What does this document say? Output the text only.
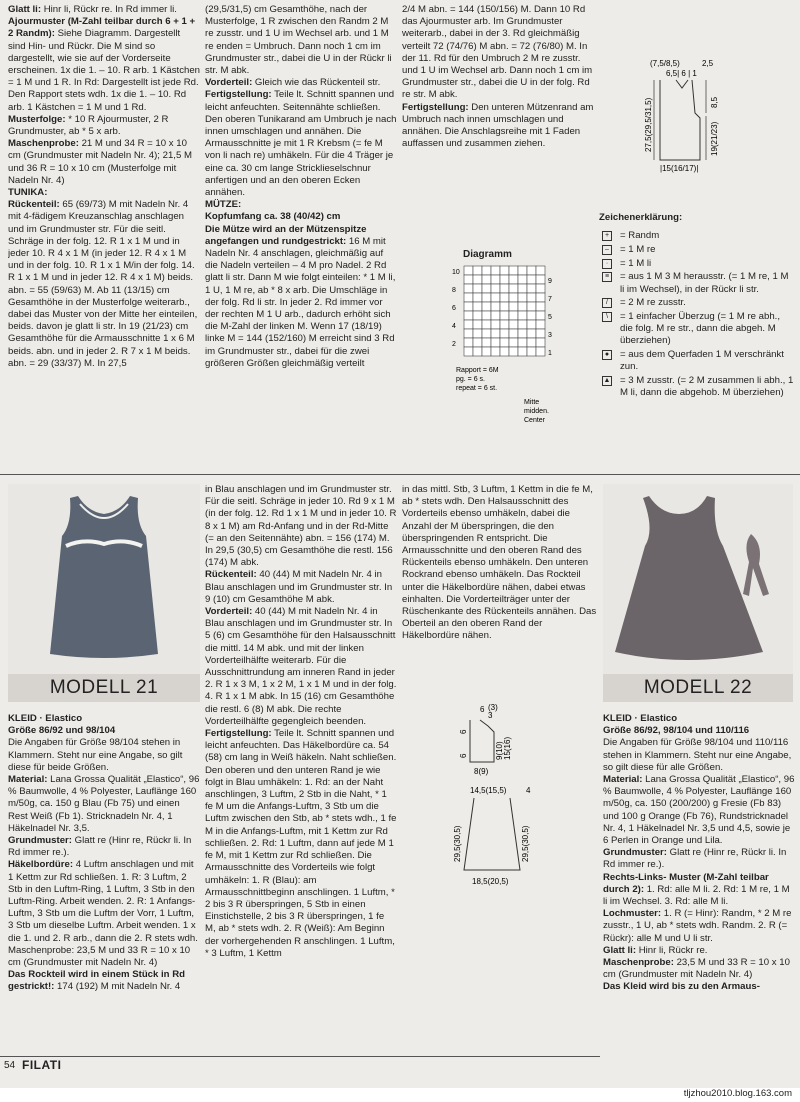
Glatt li: Hinr li, Rückr re. In Rd immer li.

Ajourmuster (M-Zahl teilbar durch 6 + 1 + 2 Randm): Siehe Diagramm. Dargestellt sind Hin- und Rückr. Die M sind so dargestellt, wie sie auf der Vorderseite erscheinen. 1x die 1. – 10. R arb. 1 Kästchen = 1 M und 1 R. In Rd: Dargestellt ist jede Rd. Den Rapport stets wdh. 1x die 1. – 10. Rd arb. 1 Kästchen = 1 M und 1 Rd.

Musterfolge: * 10 R Ajourmuster, 2 R Grundmuster, ab * 5 x arb.

Maschenprobe: 21 M und 34 R = 10 x 10 cm (Grundmuster mit Nadeln Nr. 4); 21,5 M und 36 R = 10 x 10 cm (Musterfolge mit Nadeln Nr. 4)

TUNIKA:

Rückenteil: 65 (69/73) M mit Nadeln Nr. 4 mit 4-fädigem Kreuzanschlag anschlagen und im Grundmuster str. Für die seitl. Schräge in der folg. 12. R 1 x 1 M und in jeder 10. R 4 x 1 M (in jeder 12. R 4 x 1 M und in der folg. 10. R 1 x 1 M/in der folg. 14. R 1 x 1 M und in jeder 12. R 4 x 1 M) beids. abn. = 55 (59/63) M. Ab 11 (13/15) cm Gesamthöhe in der Musterfolge weiterarb., dabei das Muster von der Mitte her einteilen, beids. davon je glatt li str. In 19 (21/23) cm Gesamthöhe für die Armausschnitte 1 x 6 M beids. abn. und in jeder 2. R 7 x 1 M beids. abn. = 29 (33/37) M. In 27,5

(29,5/31,5) cm Gesamthöhe, nach der Musterfolge, 1 R zwischen den Randm 2 M re zusstr. und 1 U im Wechsel arb. und 1 M re enden = Umbruch. Dann noch 1 cm im Grundmuster str., dabei die U in der Rückr li str. M abk.

Vorderteil: Gleich wie das Rückenteil str.

Fertigstellung: Teile lt. Schnitt spannen und leicht anfeuchten. Seitennähte schließen. Den oberen Tunikarand am Umbruch je nach innen umschlagen und annähen. Die Armausschnitte je mit 1 R Krebsm (= fe M von li nach re) umhäkeln. Für die 4 Träger je eine ca. 30 cm lange Stricklieselschnur anfertigen und an den oberen Ecken annähen.

MÜTZE:

Kopfumfang ca. 38 (40/42) cm

Die Mütze wird an der Mützenspitze angefangen und rundgestrickt: 16 M mit Nadeln Nr. 4 anschlagen, gleichmäßig auf die Nadeln verteilen – 4 M pro Nadel. 2 Rd glatt li str. Dann M wie folgt einteilen: * 1 M li, 1 U, 1 M re, ab * 8 x arb. Die Umschläge in der folg. Rd li str. In jeder 2. Rd immer vor der rechten M 1 U arb., dadurch erhöht sich die M-Zahl der linken M. Wenn 17 (18/19) linke M = 144 (152/160) M erreicht sind 3 Rd im Grundmuster str., dabei für die zwei größeren Größen gleichmäßig verteilt

2/4 M abn. = 144 (150/156) M. Dann 10 Rd das Ajourmuster arb. Im Grundmuster weiterarb., dabei in der 3. Rd gleichmäßig verteilt 72 (74/76) M abn. = 72 (76/80) M. In der 11. Rd für den Umbruch 2 M re zusstr. und 1 U im Wechsel arb. Dann noch 1 cm im Grundmuster str., dabei die U in der folg. Rd re str. M abk.

Fertigstellung: Den unteren Mützenrand am Umbruch nach innen umschlagen und annähen. Die Anschlagsreihe mit 1 Faden auffassen und zusammen ziehen.

(7,5/8,5)	2,5
6,5| 6 | 1
27,5(29,5/31,5)	8,5
19(21/23)
|15(16/17)|
Diagramm
10
8
6
4
2
9
7
5
3
1
Rapport = 6M
pg. = 6 s.
repeat = 6 st.
Mitte
midden.
Center
Zeichenerklärung:
+	= Randm
–	= 1 M re
·	= 1 M li
≡	= aus 1 M 3 M herausstr. (= 1 M re, 1 M li im Wechsel), in der Rückr li str.
/	= 2 M re zusstr.
\	= 1 einfacher Überzug (= 1 M re abh., die folg. M re str., dann die abgeh. M überziehen)
●	= aus dem Querfaden 1 M verschränkt zun.
▲ = 3 M zusstr. (= 2 M zusammen li abh., 1 M li, dann die abgehob. M überziehen)
MODELL 21	MODELL 22

KLEID · Elastico

Größe 86/92 und 98/104

Die Angaben für Größe 98/104 stehen in Klammern. Steht nur eine Angabe, so gilt diese für beide Größen.

Material: Lana Grossa Qualität „Elastico“, 96 % Baumwolle, 4 % Polyester, Lauflänge 160 m/50g, ca. 150 g Blau (Fb 75) und einen Rest Weiß (Fb 1). Stricknadeln Nr. 4, 1 Häkelnadel Nr. 3,5.

Grundmuster: Glatt re (Hinr re, Rückr li. In Rd immer re.).

Häkelbordüre: 4 Luftm anschlagen und mit 1 Kettm zur Rd schließen. 1. R: 3 Luftm, 2 Stb in den Luftm-Ring, 1 Luftm, 3 Stb in den Luftm-Ring. Arbeit wenden. 2. R: 1 Anfangs-Luftm, 3 Stb um die Luftm der Vorr, 1 Luftm, 3 Stb um dieselbe Luftm. Arbeit wenden. 1 x die 1. und 2. R arb., dann die 2. R stets wdh.

Maschenprobe: 23,5 M und 33 R = 10 x 10 cm (Grundmuster mit Nadeln Nr. 4)

Das Rockteil wird in einem Stück in Rd gestrickt!: 174 (192) M mit Nadeln Nr. 4

in Blau anschlagen und im Grundmuster str. Für die seitl. Schräge in jeder 10. Rd 9 x 1 M (in der folg. 12. Rd 1 x 1 M und in jeder 10. R 8 x 1 M) am Rd-Anfang und in der Rd-Mitte (= an den Seitennähte) abn. = 156 (174) M. In 29,5 (30,5) cm Gesamthöhe die restl. 156 (174) M abk.

Rückenteil: 40 (44) M mit Nadeln Nr. 4 in Blau anschlagen und im Grundmuster str. In 9 (10) cm Gesamthöhe M abk.

Vorderteil: 40 (44) M mit Nadeln Nr. 4 in Blau anschlagen und im Grundmuster str. In 5 (6) cm Gesamthöhe für den Halsausschnitt die mittl. 14 M abk. und mit der linken Vorderteilhälfte weiterarb. Für die Ausschnittrundung am inneren Rand in jeder 2. R 1 x 3 M, 1 x 2 M, 1 x 1 M und in der folg. 4. R 1 x 1 M abk. In 15 (16) cm Gesamthöhe die restl. 6 (8) M abk. Die rechte Vorderteilhälfte gegengleich beenden.

Fertigstellung: Teile lt. Schnitt spannen und leicht anfeuchten. Das Häkelbordüre ca. 54 (58) cm lang in Weiß häkeln. Naht schließen. Den oberen und den unteren Rand je wie folgt in Blau umhäkeln: 1. Rd: an der Naht anschlingen, 3 Luftm, 2 Stb in die Naht, * 1 fe M um die Anfangs-Luftm, 3 Stb um die Luftm zwischen den Stb, ab * stets wdh., 1 fe M in die Anfangs-Luftm, mit 1 Kettm zur Rd schließen. 2. Rd: 1 Luftm, dann auf jede M 1 fe M, mit 1 Kettm zur Rd schließen. Die Armausschnitte des Vorderteils wie folgt umhäkeln: 1. R (Blau): am Armausschnittbeginn anschlingen. 1 Luftm, * 2 bis 3 R überspringen, 5 Stb in einen Einstichstelle, 2 bis 3 R überspringen, 1 fe M, ab * stets wdh. 2. R (Weiß): Am Beginn der vorhergehenden R anschlingen. 1 Luftm, * 3 Luftm, 1 Kettm

in das mittl. Stb, 3 Luftm, 1 Kettm in die fe M, ab * stets wdh. Den Halsausschnitt des Vorderteils ebenso umhäkeln, dabei die Anzahl der M überspringen, die den überspringenden R entspricht. Die Armausschnitte und den oberen Rand des Rückenteils ebenso umhäkeln. Den unteren Rockrand ebenso umhäkeln. Das Rockteil unter die Häkelbordüre nähen, dabei etwas einhalten. Die Vorderteilträger unter der Rüschenkante des Rückenteils annähen. Das Oberteil an den oberen Rand der Häkelbordüre nähen.

KLEID · Elastico

Größe 86/92, 98/104 und 110/116

Die Angaben für Größe 98/104 und 110/116 stehen in Klammern. Steht nur eine Angabe, so gilt diese für alle Größen.

Material: Lana Grossa Qualität „Elastico“, 96 % Baumwolle, 4 % Polyester, Lauflänge 160 m/50g, ca. 150 (200/200) g Fresie (Fb 83) und 100 g Orange (Fb 76), Rundstricknadel Nr. 4, 1 Häkelnadel Nr. 3,5 und 4,5, sowie je 6 Perlen in Orange und Lila.

Grundmuster: Glatt re (Hinr re, Rückr li. In Rd immer re.).

Rechts-Links- Muster (M-Zahl teilbar durch 2): 1. Rd: alle M li. 2. Rd: 1 M re, 1 M li im Wechsel. 3. Rd: alle M li.

Lochmuster: 1. R (= Hinr): Randm, * 2 M re zusstr., 1 U, ab * stets wdh. Randm. 2. R (= Rückr): alle M und U li str.

Glatt li: Hinr li, Rückr re.

Maschenprobe: 23,5 M und 33 R = 10 x 10 cm (Grundmuster mit Nadeln Nr. 4)

Das Kleid wird bis zu den Armaus-

6 (3)
3
6
9(10)
6	15(16)
8(9)
14,5(15,5) 4
29,5(30,5)	29,5(30,5)
18,5(20,5)
54 FILATI
tljzhou2010.blog.163.com
